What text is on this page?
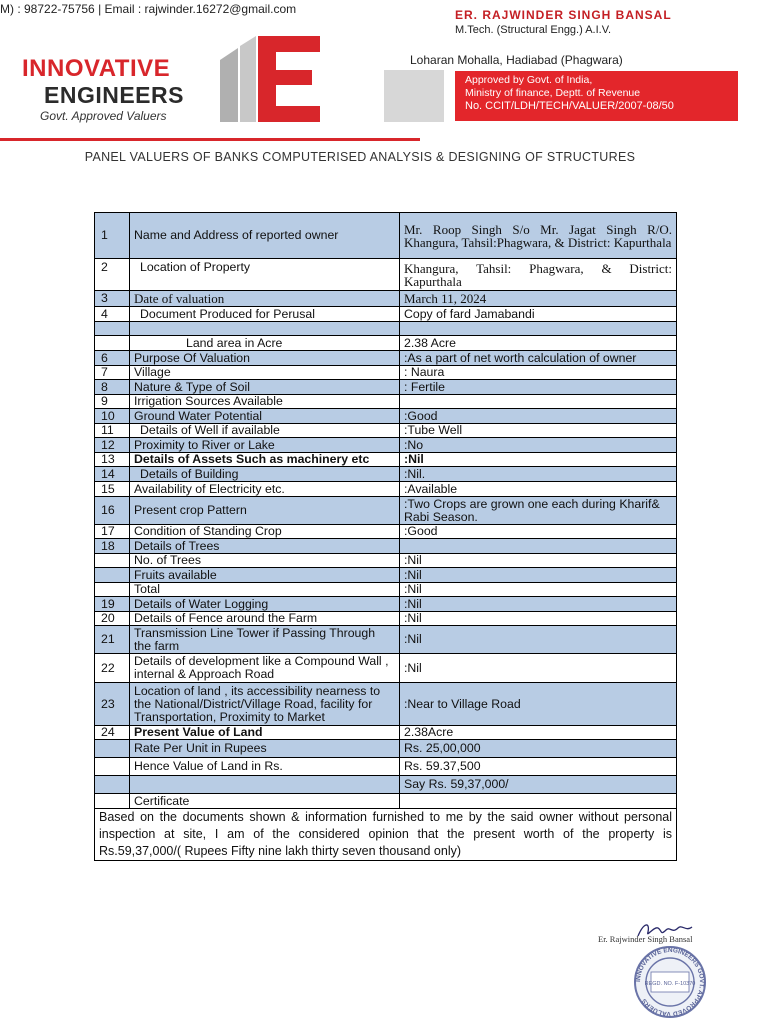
M) : 98722-75756 | Email : rajwinder.16272@gmail.com
INNOVATIVE
ENGINEERS
Govt. Approved Valuers
ER. RAJWINDER SINGH BANSAL
M.Tech. (Structural Engg.) A.I.V.
Loharan Mohalla, Hadiabad (Phagwara)
Approved by Govt. of India,
Ministry of finance, Deptt. of Revenue
No. CCIT/LDH/TECH/VALUER/2007-08/50
PANEL VALUERS OF BANKS COMPUTERISED ANALYSIS & DESIGNING OF STRUCTURES
1	Name and Address of reported owner	Mr. Roop Singh S/o Mr. Jagat Singh R/O. Khangura, Tahsil:Phagwara, & District: Kapurthala
2	Location of Property	Khangura, Tahsil: Phagwara, & District: Kapurthala
3	Date of valuation	March 11, 2024
4	Document Produced for Perusal	Copy of fard Jamabandi

	Land area in Acre	2.38 Acre
6	Purpose Of Valuation	:As a part of net worth calculation of owner
7	Village	: Naura
8	Nature & Type of Soil	: Fertile
9	Irrigation Sources Available	
10	Ground Water Potential	:Good
11	Details of Well if available	:Tube Well
12	Proximity to River or Lake	:No
13	Details of Assets Such as machinery etc	:Nil
14	Details of Building	:Nil.
15	Availability of Electricity etc.	:Available
16	Present crop Pattern	:Two Crops are grown one each during Kharif& Rabi Season.
17	Condition of Standing Crop	:Good
18	Details of Trees	
	No. of Trees	:Nil
	Fruits available	:Nil
	Total	:Nil
19	Details of Water Logging	:Nil
20	Details of Fence around the Farm	:Nil
21	Transmission Line Tower if Passing Through the farm	:Nil
22	Details of development like a Compound Wall , internal & Approach Road	:Nil
23	Location of land , its accessibility nearness to the National/District/Village Road, facility for Transportation, Proximity to Market	:Near to Village Road
24	Present Value of Land	2.38Acre
	Rate Per Unit in Rupees	Rs. 25,00,000
	Hence Value of Land in Rs.	Rs. 59.37,500
		Say Rs. 59,37,000/
	Certificate	
Based on the documents shown & information furnished to me by the said owner without personal inspection at site, I am of the considered opinion that the present worth of the property is Rs.59,37,000/( Rupees Fifty nine lakh thirty seven thousand only)		
Er. Rajwinder Singh Bansal
INNOVATIVE ENGINEERS GOVT. APPROVED VALUERS
REGD. NO. F-10370
